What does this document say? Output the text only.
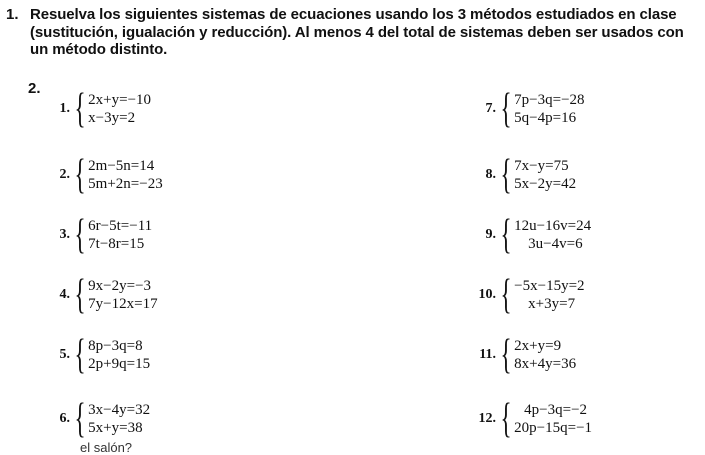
1. Resuelva los siguientes sistemas de ecuaciones usando los 3 métodos estudiados en clase (sustitución, igualación y reducción). Al menos 4 del total de sistemas deben ser usados con un método distinto.
2.
1. { 2x+y=−10
x−3y=2
2. { 2m−5n=14
5m+2n=−23
3. { 6r−5t=−11
7t−8r=15
4. { 9x−2y=−3
7y−12x=17
5. { 8p−3q=8
2p+9q=15
6. { 3x−4y=32
5x+y=38
7. { 7p−3q=−28
5q−4p=16
8. { 7x−y=75
5x−2y=42
9. { 12u−16v=24
3u−4v=6
10. { −5x−15y=2
x+3y=7
11. { 2x+y=9
8x+4y=36
12. { 4p−3q=−2
20p−15q=−1
el salón?
